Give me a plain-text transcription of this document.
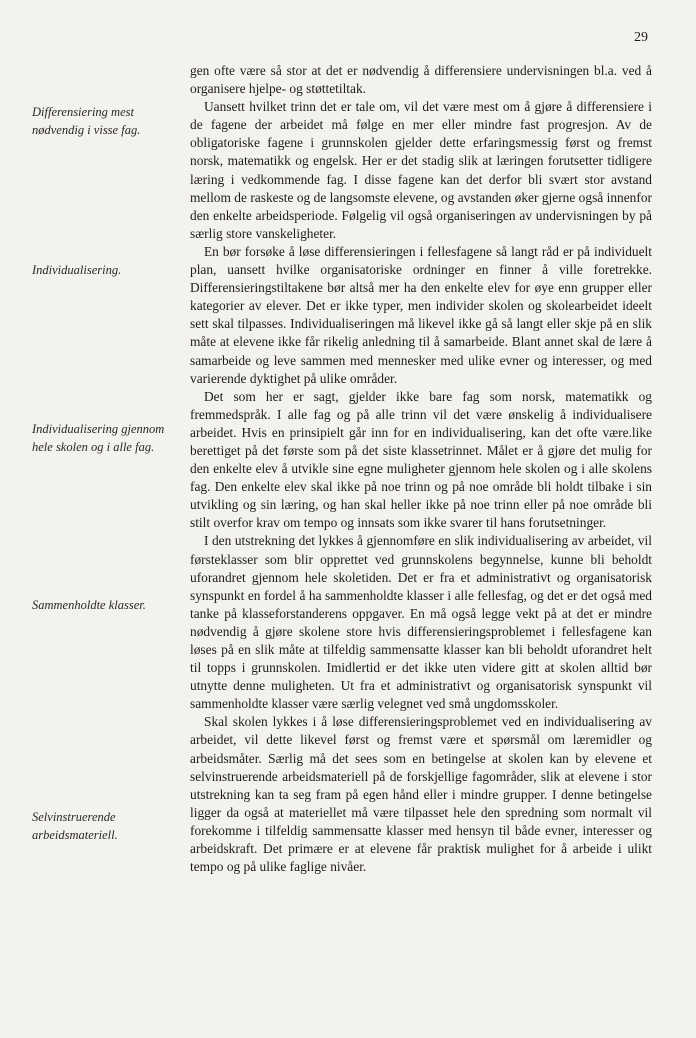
29
Differensiering mest nødvendig i visse fag.
Individualisering.
Individualisering gjennom hele skolen og i alle fag.
Sammenholdte klasser.
Selvinstruerende arbeidsmateriell.

gen ofte være så stor at det er nødvendig å differensiere undervisningen bl.a. ved å organisere hjelpe- og støttetiltak.

Uansett hvilket trinn det er tale om, vil det være mest om å gjøre å differensiere i de fagene der arbeidet må følge en mer eller mindre fast progresjon. Av de obligatoriske fagene i grunnskolen gjelder dette erfaringsmessig først og fremst norsk, matematikk og engelsk. Her er det stadig slik at læringen forutsetter tidligere læring i vedkommende fag. I disse fagene kan det derfor bli svært stor avstand mellom de raskeste og de langsomste elevene, og avstanden øker gjerne også innenfor den enkelte arbeidsperiode. Følgelig vil også organiseringen av undervisningen by på særlig store vanskeligheter.

En bør forsøke å løse differensieringen i fellesfagene så langt råd er på individuelt plan, uansett hvilke organisatoriske ordninger en finner å ville foretrekke. Differensieringstiltakene bør altså mer ha den enkelte elev for øye enn grupper eller kategorier av elever. Det er ikke typer, men individer skolen og skolearbeidet ideelt sett skal tilpasses. Individualiseringen må likevel ikke gå så langt eller skje på en slik måte at elevene ikke får rikelig anledning til å samarbeide. Blant annet skal de lære å samarbeide og leve sammen med mennesker med ulike evner og interesser, og med varierende dyktighet på ulike områder.

Det som her er sagt, gjelder ikke bare fag som norsk, matematikk og fremmedspråk. I alle fag og på alle trinn vil det være ønskelig å individualisere arbeidet. Hvis en prinsipielt går inn for en individualisering, kan det ofte være.like berettiget på det første som på det siste klassetrinnet. Målet er å gjøre det mulig for den enkelte elev å utvikle sine egne muligheter gjennom hele skolen og i alle skolens fag. Den enkelte elev skal ikke på noe trinn og på noe område bli holdt tilbake i sin utvikling og sin læring, og han skal heller ikke på noe trinn eller på noe område bli stilt overfor krav om tempo og innsats som ikke svarer til hans forutsetninger.

I den utstrekning det lykkes å gjennomføre en slik individualisering av arbeidet, vil førsteklasser som blir opprettet ved grunnskolens begynnelse, kunne bli beholdt uforandret gjennom hele skoletiden. Det er fra et administrativt og organisatorisk synspunkt en fordel å ha sammenholdte klasser i alle fellesfag, og det er det også med tanke på klasseforstanderens oppgaver. En må også legge vekt på at det er mindre nødvendig å gjøre skolene store hvis differensieringsproblemet i fellesfagene kan løses på en slik måte at tilfeldig sammensatte klasser kan bli beholdt uforandret helt til topps i grunnskolen. Imidlertid er det ikke uten videre gitt at skolen alltid bør utnytte denne muligheten. Ut fra et administrativt og organisatorisk synspunkt vil sammenholdte klasser være særlig velegnet ved små ungdomsskoler.

Skal skolen lykkes i å løse differensieringsproblemet ved en individualisering av arbeidet, vil dette likevel først og fremst være et spørsmål om læremidler og arbeidsmåter. Særlig må det sees som en betingelse at skolen kan by elevene et selvinstruerende arbeidsmateriell på de forskjellige fagområder, slik at elevene i stor utstrekning kan ta seg fram på egen hånd eller i mindre grupper. I denne betingelse ligger da også at materiellet må være tilpasset hele den spredning som normalt vil forekomme i tilfeldig sammensatte klasser med hensyn til både evner, interesser og arbeidskraft. Det primære er at elevene får praktisk mulighet for å arbeide i ulikt tempo og på ulike faglige nivåer.
